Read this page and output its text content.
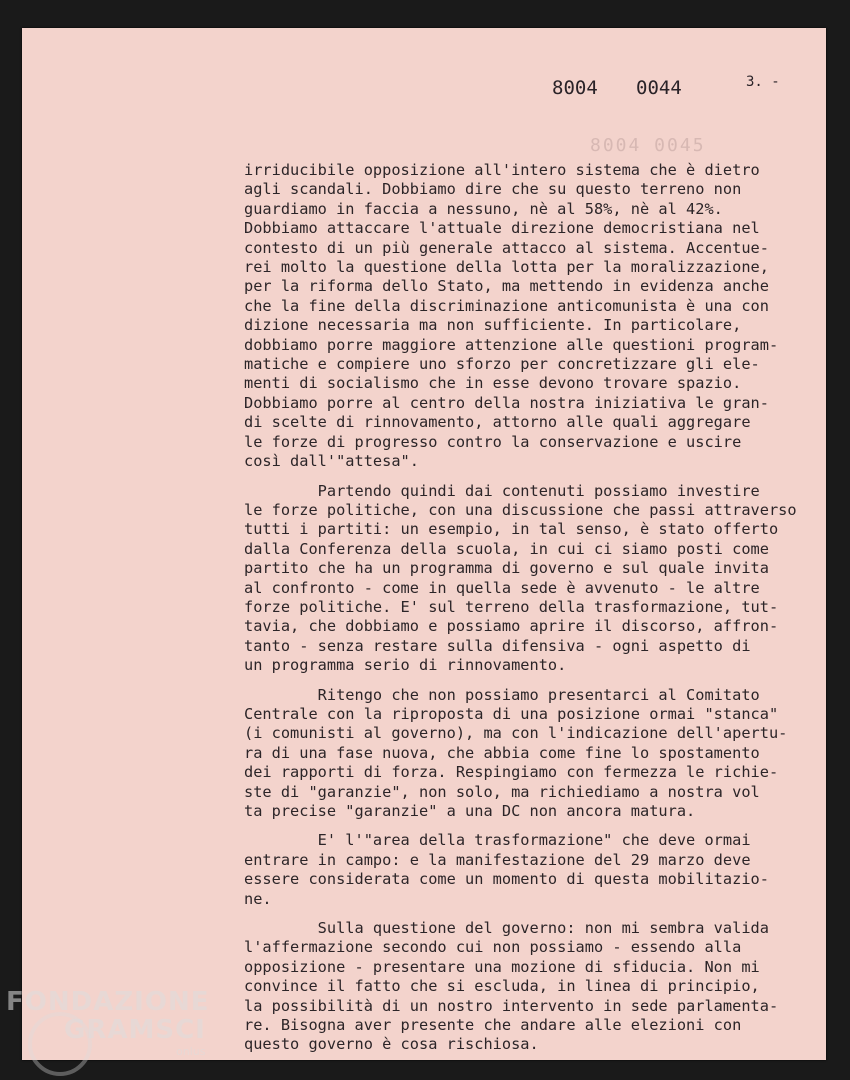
8004 0045
8004 0044	3. -
irriducibile opposizione all'intero sistema che è dietro
agli scandali. Dobbiamo dire che su questo terreno non
guardiamo in faccia a nessuno, nè al 58%, nè al 42%.
Dobbiamo attaccare l'attuale direzione democristiana nel
contesto di un più generale attacco al sistema. Accentue-
rei molto la questione della lotta per la moralizzazione,
per la riforma dello Stato, ma mettendo in evidenza anche
che la fine della discriminazione anticomunista è una con
dizione necessaria ma non sufficiente. In particolare,
dobbiamo porre maggiore attenzione alle questioni program-
matiche e compiere uno sforzo per concretizzare gli ele-
menti di socialismo che in esse devono trovare spazio.
Dobbiamo porre al centro della nostra iniziativa le gran-
di scelte di rinnovamento, attorno alle quali aggregare
le forze di progresso contro la conservazione e uscire
così dall'"attesa".
Partendo quindi dai contenuti possiamo investire
le forze politiche, con una discussione che passi attraverso
tutti i partiti: un esempio, in tal senso, è stato offerto
dalla Conferenza della scuola, in cui ci siamo posti come
partito che ha un programma di governo e sul quale invita
al confronto - come in quella sede è avvenuto - le altre
forze politiche. E' sul terreno della trasformazione, tut-
tavia, che dobbiamo e possiamo aprire il discorso, affron-
tanto - senza restare sulla difensiva - ogni aspetto di
un programma serio di rinnovamento.
Ritengo che non possiamo presentarci al Comitato
Centrale con la riproposta di una posizione ormai "stanca"
(i comunisti al governo), ma con l'indicazione dell'apertu-
ra di una fase nuova, che abbia come fine lo spostamento
dei rapporti di forza. Respingiamo con fermezza le richie-
ste di "garanzie", non solo, ma richiediamo a nostra vol
ta precise "garanzie" a una DC non ancora matura.
E' l'"area della trasformazione" che deve ormai
entrare in campo: e la manifestazione del 29 marzo deve
essere considerata come un momento di questa mobilitazio-
ne.
Sulla questione del governo: non mi sembra valida
l'affermazione secondo cui non possiamo - essendo alla
opposizione - presentare una mozione di sfiducia. Non mi
convince il fatto che si escluda, in linea di principio,
la possibilità di un nostro intervento in sede parlamenta-
re. Bisogna aver presente che andare alle elezioni con
questo governo è cosa rischiosa.
FONDAZIONE
GRAMSCI
onlus
